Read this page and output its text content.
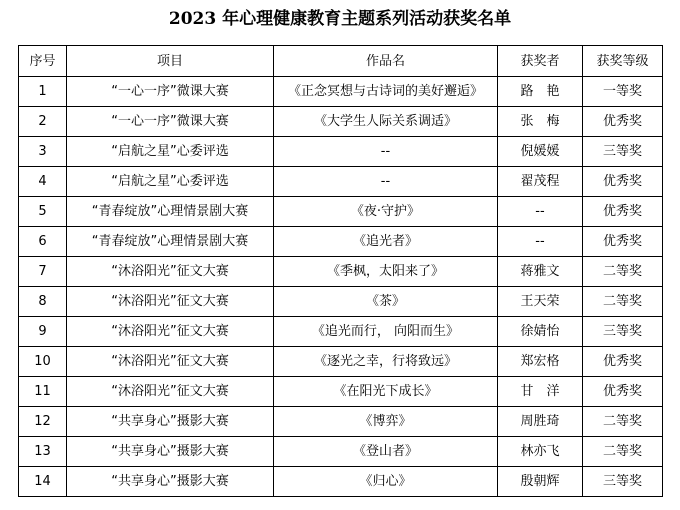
2023 年心理健康教育主题系列活动获奖名单
序号	项目	作品名	获奖者	获奖等级
1	“一心一序”微课大赛	《正念冥想与古诗词的美好邂逅》	路　艳	一等奖
2	“一心一序”微课大赛	《大学生人际关系调适》	张　梅	优秀奖
3	“启航之星”心委评选	--	倪媛媛	三等奖
4	“启航之星”心委评选	--	翟茂程	优秀奖
5	“青春绽放”心理情景剧大赛	《夜·守护》	--	优秀奖
6	“青春绽放”心理情景剧大赛	《追光者》	--	优秀奖
7	“沐浴阳光”征文大赛	《季枫，太阳来了》	蒋雅文	二等奖
8	“沐浴阳光”征文大赛	《茶》	王天荣	二等奖
9	“沐浴阳光”征文大赛	《追光而行， 向阳而生》	徐婧怡	三等奖
10	“沐浴阳光”征文大赛	《逐光之幸，行将致远》	郑宏格	优秀奖
11	“沐浴阳光”征文大赛	《在阳光下成长》	甘　洋	优秀奖
12	“共享身心”摄影大赛	《博弈》	周胜琦	二等奖
13	“共享身心”摄影大赛	《登山者》	林亦飞	二等奖
14	“共享身心”摄影大赛	《归心》	殷朝辉	三等奖
